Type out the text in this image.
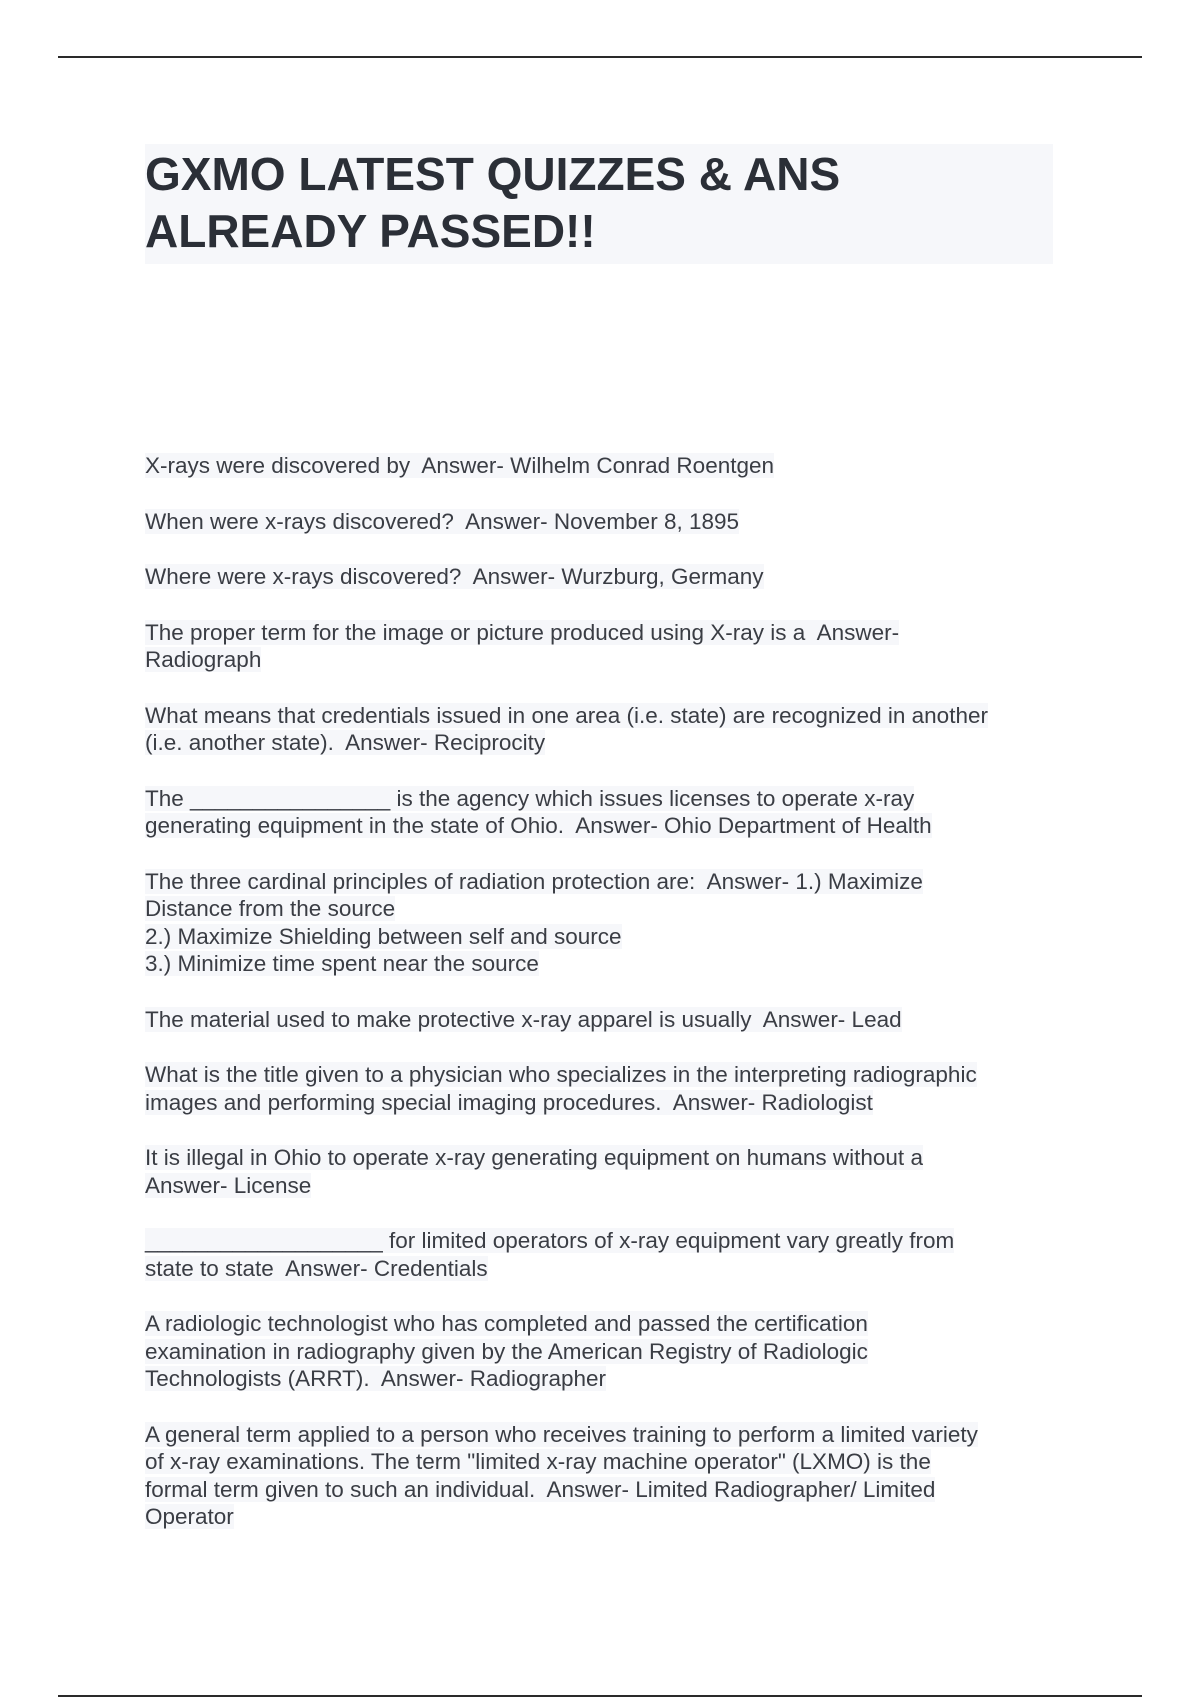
GXMO LATEST QUIZZES & ANS ALREADY PASSED!!

X-rays were discovered by  Answer- Wilhelm Conrad Roentgen

When were x-rays discovered?  Answer- November 8, 1895

Where were x-rays discovered?  Answer- Wurzburg, Germany

The proper term for the image or picture produced using X-ray is a  Answer-
Radiograph

What means that credentials issued in one area (i.e. state) are recognized in another
(i.e. another state).  Answer- Reciprocity

The ________________ is the agency which issues licenses to operate x-ray
generating equipment in the state of Ohio.  Answer- Ohio Department of Health

The three cardinal principles of radiation protection are:  Answer- 1.) Maximize
Distance from the source
2.) Maximize Shielding between self and source
3.) Minimize time spent near the source

The material used to make protective x-ray apparel is usually  Answer- Lead

What is the title given to a physician who specializes in the interpreting radiographic
images and performing special imaging procedures.  Answer- Radiologist

It is illegal in Ohio to operate x-ray generating equipment on humans without a
Answer- License

___________________ for limited operators of x-ray equipment vary greatly from
state to state  Answer- Credentials

A radiologic technologist who has completed and passed the certification
examination in radiography given by the American Registry of Radiologic
Technologists (ARRT).  Answer- Radiographer

A general term applied to a person who receives training to perform a limited variety
of x-ray examinations. The term "limited x-ray machine operator" (LXMO) is the
formal term given to such an individual.  Answer- Limited Radiographer/ Limited
Operator
